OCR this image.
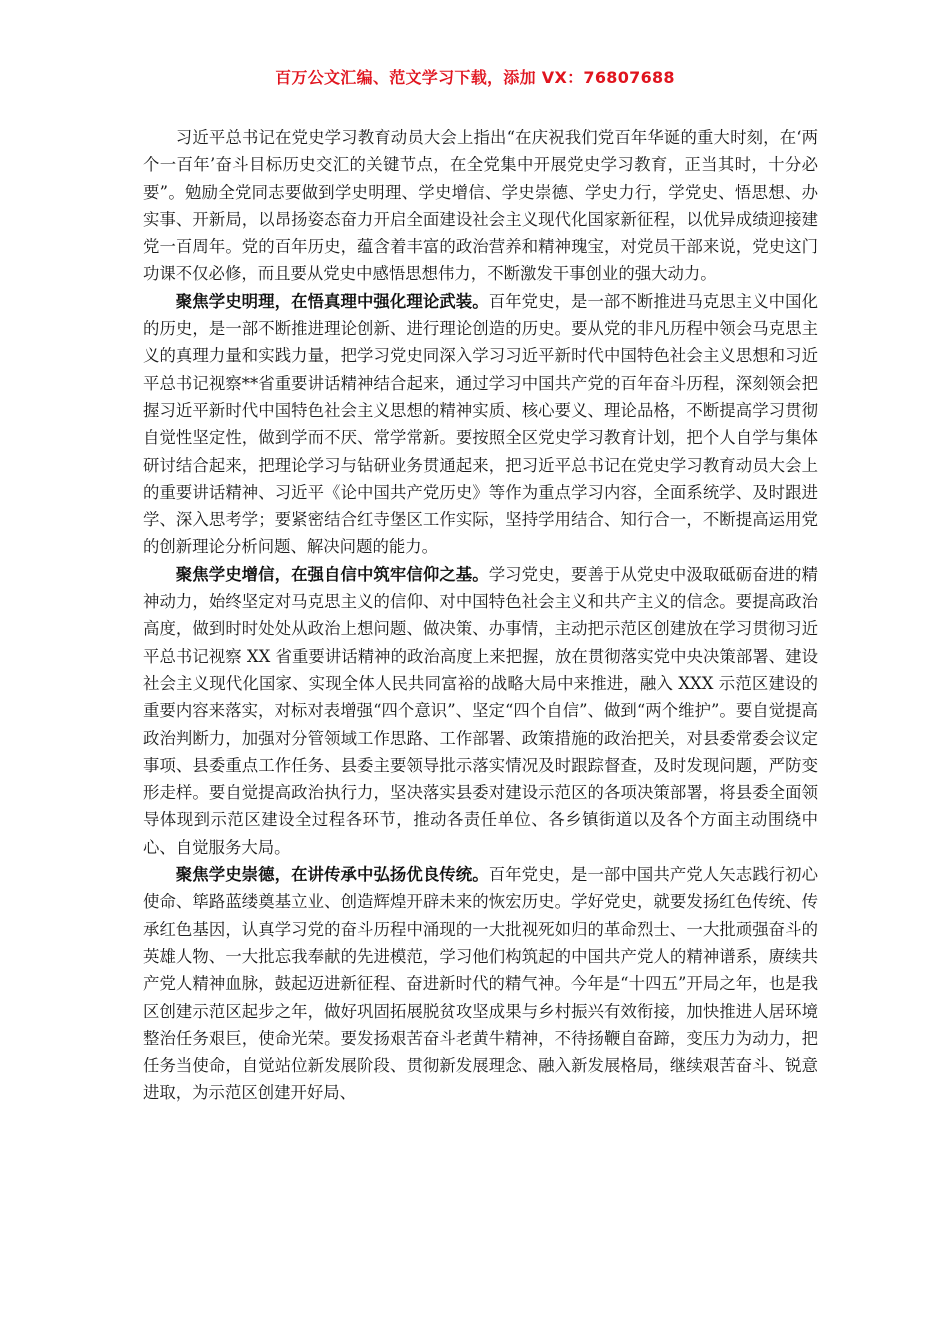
百万公文汇编、范文学习下载，添加 VX：76807688

习近平总书记在党史学习教育动员大会上指出“在庆祝我们党百年华诞的重大时刻，在‘两个一百年’奋斗目标历史交汇的关键节点，在全党集中开展党史学习教育，正当其时，十分必要”。勉励全党同志要做到学史明理、学史增信、学史崇德、学史力行，学党史、悟思想、办实事、开新局，以昂扬姿态奋力开启全面建设社会主义现代化国家新征程，以优异成绩迎接建党一百周年。党的百年历史，蕴含着丰富的政治营养和精神瑰宝，对党员干部来说，党史这门功课不仅必修，而且要从党史中感悟思想伟力，不断激发干事创业的强大动力。

聚焦学史明理，在悟真理中强化理论武装。百年党史，是一部不断推进马克思主义中国化的历史，是一部不断推进理论创新、进行理论创造的历史。要从党的非凡历程中领会马克思主义的真理力量和实践力量，把学习党史同深入学习习近平新时代中国特色社会主义思想和习近平总书记视察**省重要讲话精神结合起来，通过学习中国共产党的百年奋斗历程，深刻领会把握习近平新时代中国特色社会主义思想的精神实质、核心要义、理论品格，不断提高学习贯彻自觉性坚定性，做到学而不厌、常学常新。要按照全区党史学习教育计划，把个人自学与集体研讨结合起来，把理论学习与钻研业务贯通起来，把习近平总书记在党史学习教育动员大会上的重要讲话精神、习近平《论中国共产党历史》等作为重点学习内容，全面系统学、及时跟进学、深入思考学；要紧密结合红寺堡区工作实际，坚持学用结合、知行合一，不断提高运用党的创新理论分析问题、解决问题的能力。

聚焦学史增信，在强自信中筑牢信仰之基。学习党史，要善于从党史中汲取砥砺奋进的精神动力，始终坚定对马克思主义的信仰、对中国特色社会主义和共产主义的信念。要提高政治高度，做到时时处处从政治上想问题、做决策、办事情，主动把示范区创建放在学习贯彻习近平总书记视察 XX 省重要讲话精神的政治高度上来把握，放在贯彻落实党中央决策部署、建设社会主义现代化国家、实现全体人民共同富裕的战略大局中来推进，融入 XXX 示范区建设的重要内容来落实，对标对表增强“四个意识”、坚定“四个自信”、做到“两个维护”。要自觉提高政治判断力，加强对分管领域工作思路、工作部署、政策措施的政治把关，对县委常委会议定事项、县委重点工作任务、县委主要领导批示落实情况及时跟踪督查，及时发现问题，严防变形走样。要自觉提高政治执行力，坚决落实县委对建设示范区的各项决策部署，将县委全面领导体现到示范区建设全过程各环节，推动各责任单位、各乡镇街道以及各个方面主动围绕中心、自觉服务大局。

聚焦学史崇德，在讲传承中弘扬优良传统。百年党史，是一部中国共产党人矢志践行初心使命、筚路蓝缕奠基立业、创造辉煌开辟未来的恢宏历史。学好党史，就要发扬红色传统、传承红色基因，认真学习党的奋斗历程中涌现的一大批视死如归的革命烈士、一大批顽强奋斗的英雄人物、一大批忘我奉献的先进模范，学习他们构筑起的中国共产党人的精神谱系，赓续共产党人精神血脉，鼓起迈进新征程、奋进新时代的精气神。今年是“十四五”开局之年，也是我区创建示范区起步之年，做好巩固拓展脱贫攻坚成果与乡村振兴有效衔接，加快推进人居环境整治任务艰巨，使命光荣。要发扬艰苦奋斗老黄牛精神，不待扬鞭自奋蹄，变压力为动力，把任务当使命，自觉站位新发展阶段、贯彻新发展理念、融入新发展格局，继续艰苦奋斗、锐意进取，为示范区创建开好局、
